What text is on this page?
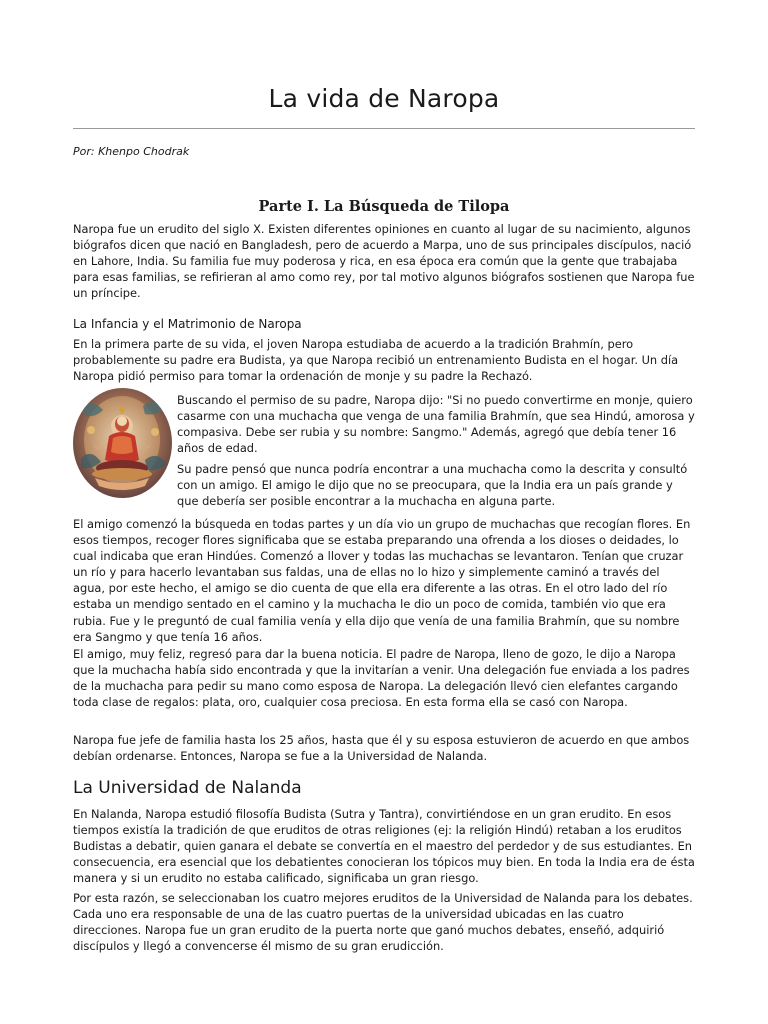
La vida de Naropa

Por: Khenpo Chodrak

Parte I. La Búsqueda de Tilopa

Naropa fue un erudito del siglo X. Existen diferentes opiniones en cuanto al lugar de su nacimiento, algunos biógrafos dicen que nació en Bangladesh, pero de acuerdo a Marpa, uno de sus principales discípulos, nació en Lahore, India. Su familia fue muy poderosa y rica, en esa época era común que la gente que trabajaba para esas familias, se refirieran al amo como rey, por tal motivo algunos biógrafos sostienen que Naropa fue un príncipe.

La Infancia y el Matrimonio de Naropa

En la primera parte de su vida, el joven Naropa estudiaba de acuerdo a la tradición Brahmín, pero probablemente su padre era Budista, ya que Naropa recibió un entrenamiento Budista en el hogar. Un día Naropa pidió permiso para tomar la ordenación de monje y su padre la Rechazó.

Buscando el permiso de su padre, Naropa dijo: "Si no puedo convertirme en monje, quiero casarme con una muchacha que venga de una familia Brahmín, que sea Hindú, amorosa y compasiva. Debe ser rubia y su nombre: Sangmo." Además, agregó que debía tener 16 años de edad.

Su padre pensó que nunca podría encontrar a una muchacha como la descrita y consultó con un amigo. El amigo le dijo que no se preocupara, que la India era un país grande y que debería ser posible encontrar a la muchacha en alguna parte.

El amigo comenzó la búsqueda en todas partes y un día vio un grupo de muchachas que recogían flores. En esos tiempos, recoger flores significaba que se estaba preparando una ofrenda a los dioses o deidades, lo cual indicaba que eran Hindúes. Comenzó a llover y todas las muchachas se levantaron. Tenían que cruzar un río y para hacerlo levantaban sus faldas, una de ellas no lo hizo y simplemente caminó a través del agua, por este hecho, el amigo se dio cuenta de que ella era diferente a las otras. En el otro lado del río estaba un mendigo sentado en el camino y la muchacha le dio un poco de comida, también vio que era rubia. Fue y le preguntó de cual familia venía y ella dijo que venía de una familia Brahmín, que su nombre era Sangmo y que tenía 16 años.

El amigo, muy feliz, regresó para dar la buena noticia. El padre de Naropa, lleno de gozo, le dijo a Naropa que la muchacha había sido encontrada y que la invitarían a venir. Una delegación fue enviada a los padres de la muchacha para pedir su mano como esposa de Naropa. La delegación llevó cien elefantes cargando toda clase de regalos: plata, oro, cualquier cosa preciosa. En esta forma ella se casó con Naropa.

Naropa fue jefe de familia hasta los 25 años, hasta que él y su esposa estuvieron de acuerdo en que ambos debían ordenarse. Entonces, Naropa se fue a la Universidad de Nalanda.

La Universidad de Nalanda

En Nalanda, Naropa estudió filosofía Budista (Sutra y Tantra), convirtiéndose en un gran erudito. En esos tiempos existía la tradición de que eruditos de otras religiones (ej: la religión Hindú) retaban a los eruditos Budistas a debatir, quien ganara el debate se convertía en el maestro del perdedor y de sus estudiantes. En consecuencia, era esencial que los debatientes conocieran los tópicos muy bien. En toda la India era de ésta manera y si un erudito no estaba calificado, significaba un gran riesgo.

Por esta razón, se seleccionaban los cuatro mejores eruditos de la Universidad de Nalanda para los debates. Cada uno era responsable de una de las cuatro puertas de la universidad ubicadas en las cuatro direcciones. Naropa fue un gran erudito de la puerta norte que ganó muchos debates, enseñó, adquirió discípulos y llegó a convencerse él mismo de su gran erudicción.
